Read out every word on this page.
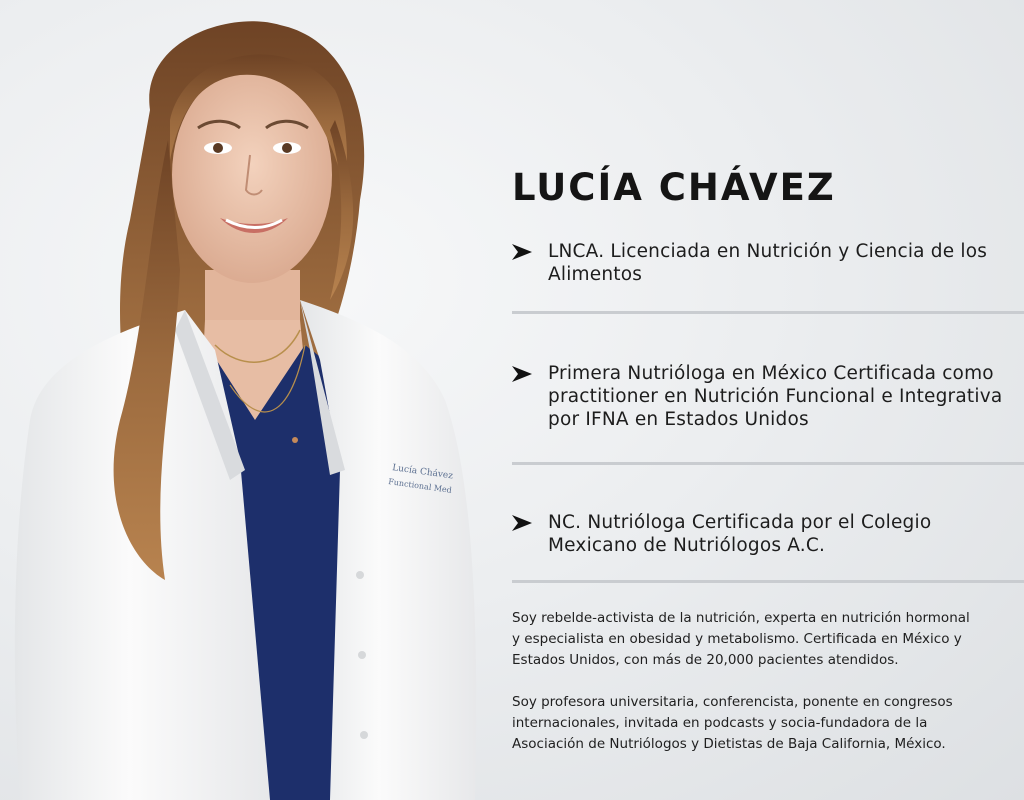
Lucía Chávez
Functional Med
LUCÍA CHÁVEZ
LNCA. Licenciada en Nutrición y Ciencia de los Alimentos
Primera Nutrióloga en México Certificada como practitioner en Nutrición Funcional e Integrativa por IFNA en Estados Unidos
NC. Nutrióloga Certificada por el Colegio Mexicano de Nutriólogos A.C.

Soy rebelde-activista de la nutrición, experta en nutrición hormonal y especialista en obesidad y metabolismo. Certificada en México y Estados Unidos, con más de 20,000 pacientes atendidos.

Soy profesora universitaria, conferencista, ponente en congresos internacionales, invitada en podcasts y socia-fundadora de la Asociación de Nutriólogos y Dietistas de Baja California, México.
